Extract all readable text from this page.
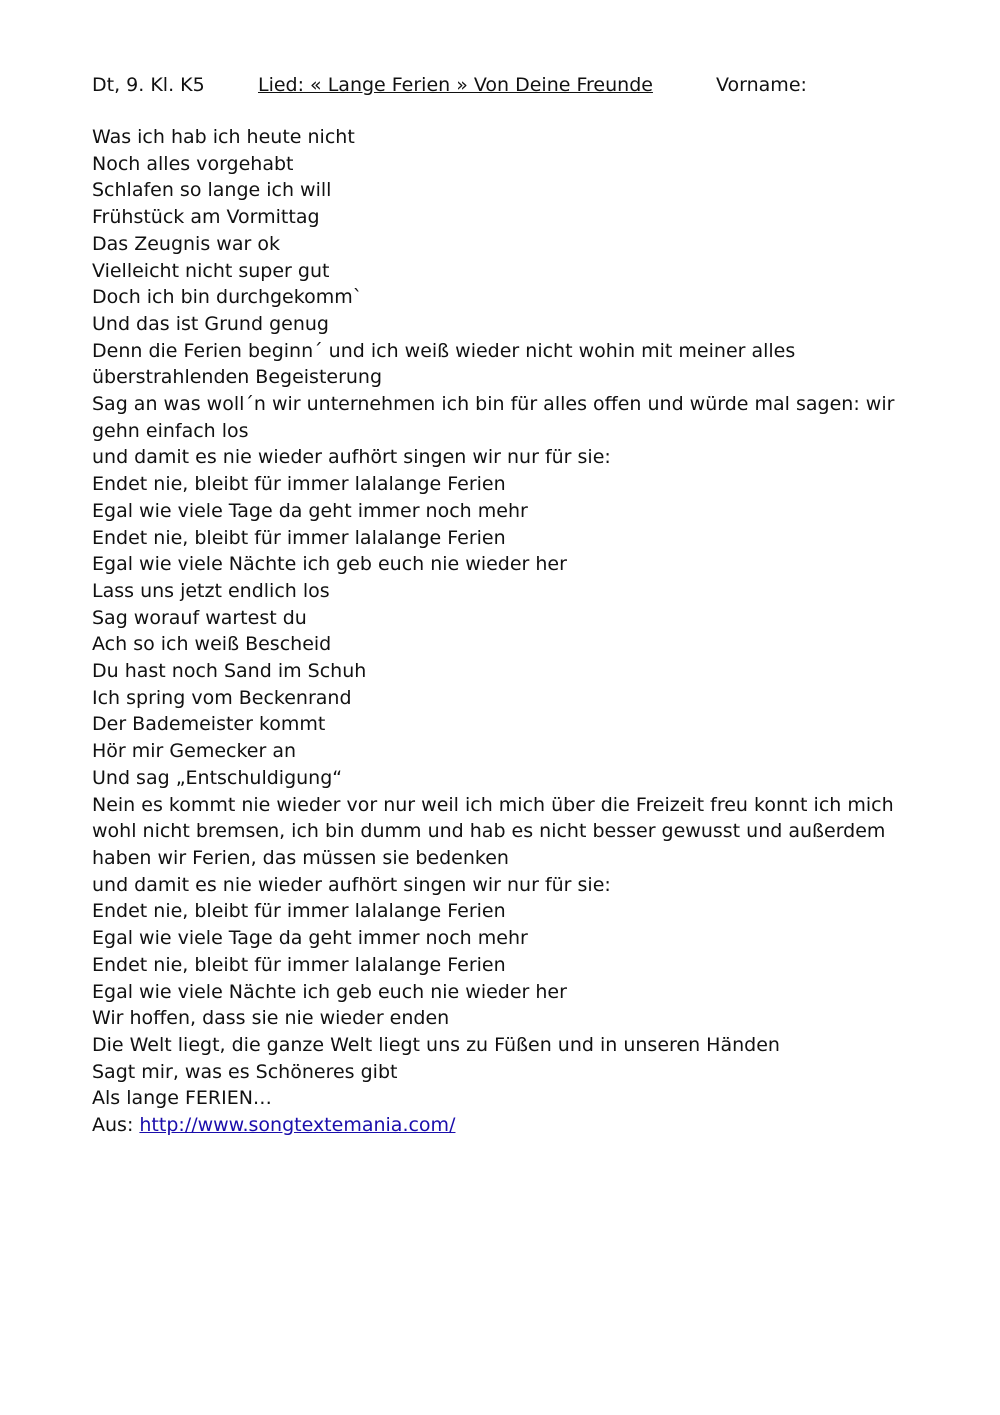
Dt, 9. Kl. K5	Lied: « Lange Ferien » Von Deine Freunde	Vorname:
Was ich hab ich heute nicht
Noch alles vorgehabt
Schlafen so lange ich will
Frühstück am Vormittag
Das Zeugnis war ok
Vielleicht nicht super gut
Doch ich bin durchgekomm`
Und das ist Grund genug
Denn die Ferien beginn´ und ich weiß wieder nicht wohin mit meiner alles überstrahlenden Begeisterung
Sag an was woll´n wir unternehmen ich bin für alles offen und würde mal sagen: wir gehn einfach los
und damit es nie wieder aufhört singen wir nur für sie:
Endet nie, bleibt für immer lalalange Ferien
Egal wie viele Tage da geht immer noch mehr
Endet nie, bleibt für immer lalalange Ferien
Egal wie viele Nächte ich geb euch nie wieder her
Lass uns jetzt endlich los
Sag worauf wartest du
Ach so ich weiß Bescheid
Du hast noch Sand im Schuh
Ich spring vom Beckenrand
Der Bademeister kommt
Hör mir Gemecker an
Und sag „Entschuldigung“
Nein es kommt nie wieder vor nur weil ich mich über die Freizeit freu konnt ich mich wohl nicht bremsen, ich bin dumm und hab es nicht besser gewusst und außerdem haben wir Ferien, das müssen sie bedenken
und damit es nie wieder aufhört singen wir nur für sie:
Endet nie, bleibt für immer lalalange Ferien
Egal wie viele Tage da geht immer noch mehr
Endet nie, bleibt für immer lalalange Ferien
Egal wie viele Nächte ich geb euch nie wieder her
Wir hoffen, dass sie nie wieder enden
Die Welt liegt, die ganze Welt liegt uns zu Füßen und in unseren Händen
Sagt mir, was es Schöneres gibt
Als lange FERIEN…
Aus: http://www.songtextemania.com/
